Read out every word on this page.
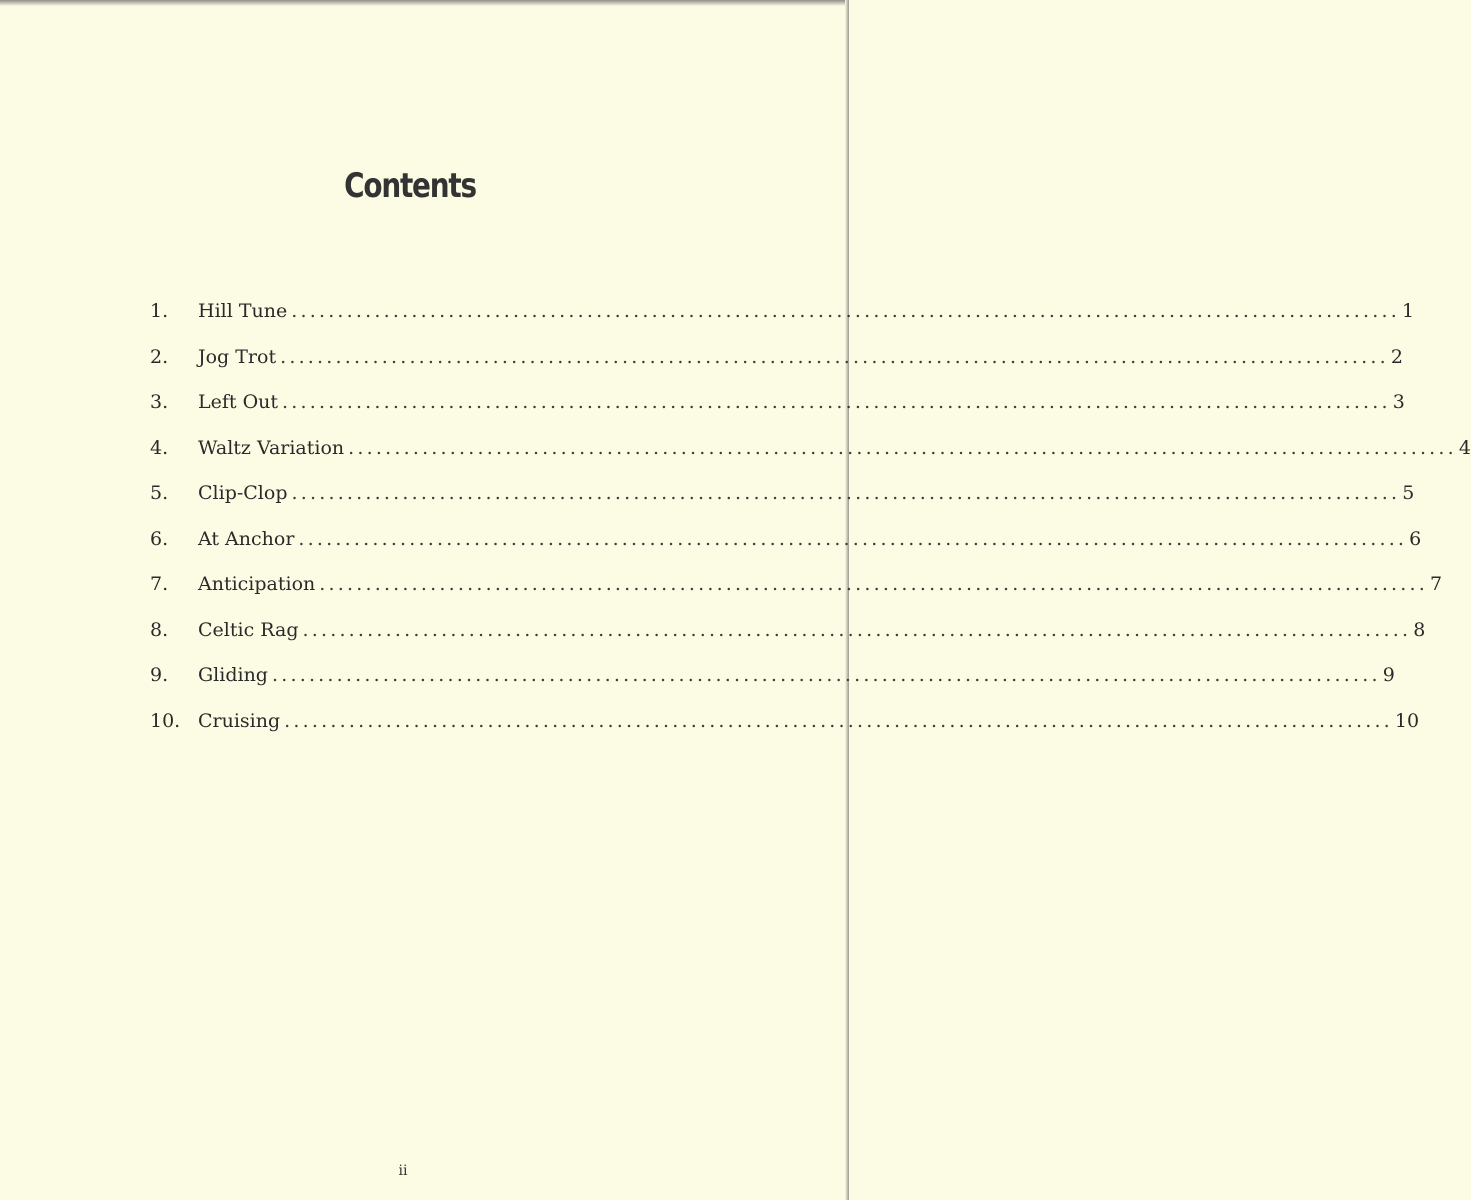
Contents
1.	Hill Tune ........................................................................................................................ 1
2.	Jog Trot ........................................................................................................................ 2
3.	Left Out ........................................................................................................................ 3
4.	Waltz Variation ........................................................................................................................ 4
5.	Clip-Clop ........................................................................................................................ 5
6.	At Anchor ........................................................................................................................ 6
7.	Anticipation ........................................................................................................................ 7
8.	Celtic Rag ........................................................................................................................ 8
9.	Gliding ........................................................................................................................ 9
10. Cruising ........................................................................................................................ 10
ii
